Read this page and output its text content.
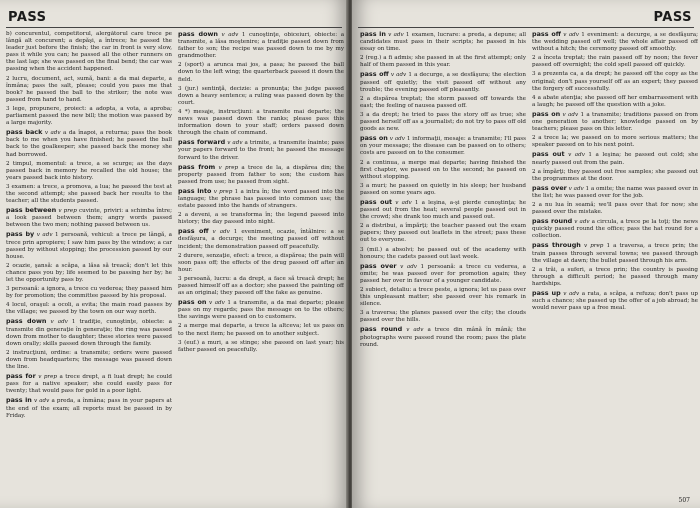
PASS

b) concurentul, competitorul, alergătorul care trece pe lângă alt concurent; a depăşi, a întrece; he passed the leader just before the finish; the car in front is very slow, pass it while you can; he passed all the other runners on the last lap; she was passed on the final bend; the car was passing when the accident happened.

2 lucru, document, act, sumă, bani: a da mai departe, a înmâna; pass the salt, please; could you pass me that book? he passed the ball to the striker; the note was passed from hand to hand.

3 lege, propunere, proiect: a adopta, a vota, a aproba; parliament passed the new bill; the motion was passed by a large majority.

pass back v adv a da înapoi, a returna; pass the book back to me when you have finished; he passed the ball back to the goalkeeper; she passed back the money she had borrowed.

2 timpul, momentul: a trece, a se scurge; as the days passed back in memory he recalled the old house; the years passed back into history.

3 examen: a trece, a promova, a lua; he passed the test at the second attempt; she passed back her results to the teacher; all the students passed.

pass between v prep cuvinte, priviri: a schimba între; a look passed between them; angry words passed between the two men; nothing passed between us.

pass by v adv 1 persoană, vehicul: a trece pe lângă, a trece prin apropiere; I saw him pass by the window; a car passed by without stopping; the procession passed by our house.

2 ocazie, şansă: a scăpa, a lăsa să treacă; don't let this chance pass you by; life seemed to be passing her by; he let the opportunity pass by.

3 persoană: a ignora, a trece cu vederea; they passed him by for promotion; the committee passed by his proposal.

4 locul, oraşul: a ocoli, a evita; the main road passes by the village; we passed by the town on our way north.

pass down v adv 1 tradiţie, cunoştinţe, obiecte: a transmite din generaţie în generaţie; the ring was passed down from mother to daughter; these stories were passed down orally; skills passed down through the family.

2 instrucţiuni, ordine: a transmite; orders were passed down from headquarters; the message was passed down the line.

pass for v prep a trece drept, a fi luat drept; he could pass for a native speaker; she could easily pass for twenty; that would pass for gold in a poor light.

pass in v adv a preda, a înmâna; pass in your papers at the end of the exam; all reports must be passed in by Friday.

pass down v adv 1 cunoştinţe, obiceiuri, obiecte: a transmite, a lăsa moştenire; a tradiţie passed down from father to son; the recipe was passed down to me by my grandmother.

2 (sport) a arunca mai jos, a pasa; he passed the ball down to the left wing; the quarterback passed it down the field.

3 (jur.) sentinţă, decizie: a pronunţa; the judge passed down a heavy sentence; a ruling was passed down by the court.

4 *) mesaje, instrucţiuni: a transmite mai departe; the news was passed down the ranks; please pass this information down to your staff; orders passed down through the chain of command.

pass forward v adv a trimite, a transmite înainte; pass your papers forward to the front; he passed the message forward to the driver.

pass from v prep a trece de la, a dispărea din; the property passed from father to son; the custom has passed from use; he passed from sight.

pass into v prep 1 a intra în; the word passed into the language; the phrase has passed into common use; the estate passed into the hands of strangers.

2 a deveni, a se transforma în; the legend passed into history; the day passed into night.

pass off v adv 1 eveniment, ocazie, întâlnire: a se desfăşura, a decurge; the meeting passed off without incident; the demonstration passed off peacefully.

2 durere, senzaţie, efect: a trece, a dispărea; the pain will soon pass off; the effects of the drug passed off after an hour.

3 persoană, lucru: a da drept, a face să treacă drept; he passed himself off as a doctor; she passed the painting off as an original; they passed off the fake as genuine.

pass on v adv 1 a transmite, a da mai departe; please pass on my regards; pass the message on to the others; the savings were passed on to customers.

2 a merge mai departe, a trece la altceva; let us pass on to the next item; he passed on to another subject.

3 (euf.) a muri, a se stinge; she passed on last year; his father passed on peacefully.

PASS

pass in v adv 1 examen, lucrare: a preda, a depune; all candidates must pass in their scripts; he passed in his essay on time.

2 (reg.) a fi admis; she passed in at the first attempt; only half of them passed in this year.

pass off v adv 1 a decurge, a se desfăşura; the election passed off quietly; the visit passed off without any trouble; the evening passed off pleasantly.

2 a dispărea treptat; the storm passed off towards the east; the feeling of nausea passed off.

3 a da drept; he tried to pass the story off as true; she passed herself off as a journalist; do not try to pass off old goods as new.

pass on v adv 1 informaţii, mesaje: a transmite; I'll pass on your message; the disease can be passed on to others; costs are passed on to the consumer.

2 a continua, a merge mai departe; having finished the first chapter, we passed on to the second; he passed on without stopping.

3 a muri; he passed on quietly in his sleep; her husband passed on some years ago.

pass out v adv 1 a leşina, a-şi pierde cunoştinţa; he passed out from the heat; several people passed out in the crowd; she drank too much and passed out.

2 a distribui, a împărţi; the teacher passed out the exam papers; they passed out leaflets in the street; pass these out to everyone.

3 (mil.) a absolvi; he passed out of the academy with honours; the cadets passed out last week.

pass over v adv 1 persoană: a trece cu vederea, a omite; he was passed over for promotion again; they passed her over in favour of a younger candidate.

2 subiect, detaliu: a trece peste, a ignora; let us pass over this unpleasant matter; she passed over his remark in silence.

3 a traversa; the planes passed over the city; the clouds passed over the hills.

pass round v adv a trece din mână în mână; the photographs were passed round the room; pass the plate round.

pass off v adv 1 eveniment: a decurge, a se desfăşura; the wedding passed off well; the whole affair passed off without a hitch; the ceremony passed off smoothly.

2 a înceta treptat; the rain passed off by noon; the fever passed off overnight; the cold spell passed off quickly.

3 a prezenta ca, a da drept; he passed off the copy as the original; don't pass yourself off as an expert; they passed the forgery off successfully.

4 a abate atenţia; she passed off her embarrassment with a laugh; he passed off the question with a joke.

pass on v adv 1 a transmite; traditions passed on from one generation to another; knowledge passed on by teachers; please pass on this letter.

2 a trece la; we passed on to more serious matters; the speaker passed on to his next point.

pass out v adv 1 a leşina; he passed out cold; she nearly passed out from the pain.

2 a împărţi; they passed out free samples; she passed out the programmes at the door.

pass over v adv 1 a omite; the name was passed over in the list; he was passed over for the job.

2 a nu lua în seamă; we'll pass over that for now; she passed over the mistake.

pass round v adv a circula, a trece pe la toţi; the news quickly passed round the office; pass the hat round for a collection.

pass through v prep 1 a traversa, a trece prin; the train passes through several towns; we passed through the village at dawn; the bullet passed through his arm.

2 a trăi, a suferi, a trece prin; the country is passing through a difficult period; he passed through many hardships.

pass up v adv a rata, a scăpa, a refuza; don't pass up such a chance; she passed up the offer of a job abroad; he would never pass up a free meal.

507
